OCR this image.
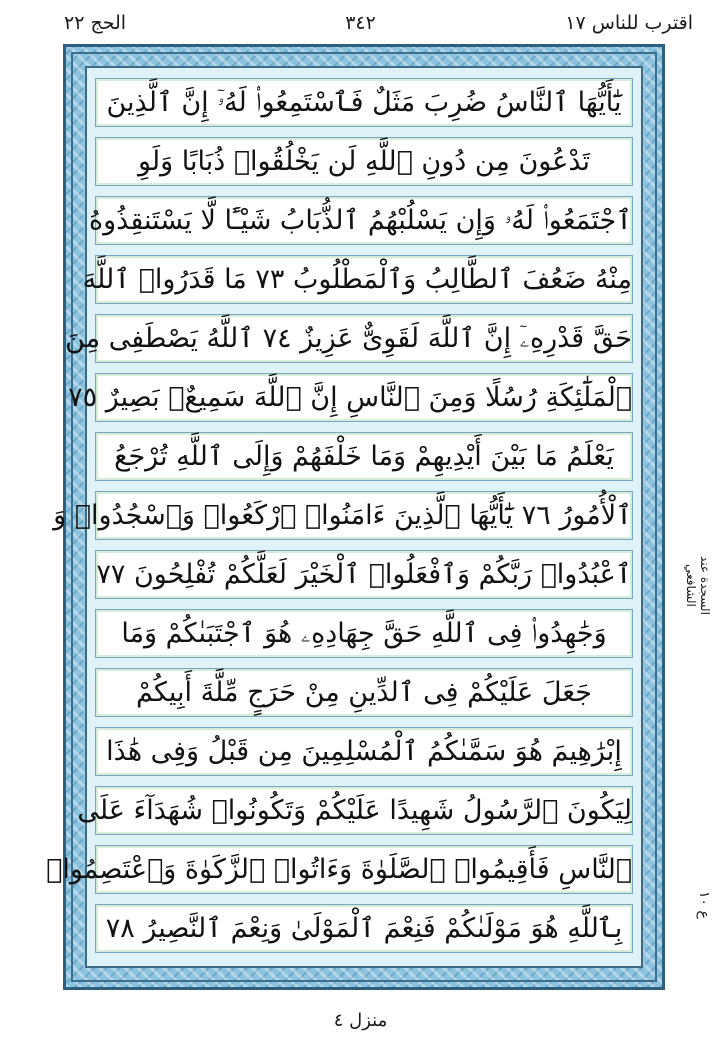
الحج ٢٢	٣٤٢	اقترب للناس ١٧
يَٰٓأَيُّهَا ٱلنَّاسُ ضُرِبَ مَثَلٌ فَٱسْتَمِعُوا۟ لَهُۥٓ إِنَّ ٱلَّذِينَ
تَدْعُونَ مِن دُونِ ٱللَّهِ لَن يَخْلُقُوا۟ ذُبَابًا وَلَوِ
ٱجْتَمَعُوا۟ لَهُۥ وَإِن يَسْلُبْهُمُ ٱلذُّبَابُ شَيْـًٔا لَّا يَسْتَنقِذُوهُ
مِنْهُ ضَعُفَ ٱلطَّالِبُ وَٱلْمَطْلُوبُ ٧٣ مَا قَدَرُوا۟ ٱللَّهَ
حَقَّ قَدْرِهِۦٓ إِنَّ ٱللَّهَ لَقَوِىٌّ عَزِيزٌ ٧٤ ٱللَّهُ يَصْطَفِى مِنَ
ٱلْمَلَٰٓئِكَةِ رُسُلًا وَمِنَ ٱلنَّاسِ إِنَّ ٱللَّهَ سَمِيعٌۢ بَصِيرٌ ٧٥
يَعْلَمُ مَا بَيْنَ أَيْدِيهِمْ وَمَا خَلْفَهُمْ وَإِلَى ٱللَّهِ تُرْجَعُ
ٱلْأُمُورُ ٧٦ يَٰٓأَيُّهَا ٱلَّذِينَ ءَامَنُوا۟ ٱرْكَعُوا۟ وَٱسْجُدُوا۟ وَ
ٱعْبُدُوا۟ رَبَّكُمْ وَٱفْعَلُوا۟ ٱلْخَيْرَ لَعَلَّكُمْ تُفْلِحُونَ ٧٧
وَجَٰهِدُوا۟ فِى ٱللَّهِ حَقَّ جِهَادِهِۦ هُوَ ٱجْتَبَىٰكُمْ وَمَا
جَعَلَ عَلَيْكُمْ فِى ٱلدِّينِ مِنْ حَرَجٍ مِّلَّةَ أَبِيكُمْ
إِبْرَٰهِيمَ هُوَ سَمَّىٰكُمُ ٱلْمُسْلِمِينَ مِن قَبْلُ وَفِى هَٰذَا
لِيَكُونَ ٱلرَّسُولُ شَهِيدًا عَلَيْكُمْ وَتَكُونُوا۟ شُهَدَآءَ عَلَى
ٱلنَّاسِ فَأَقِيمُوا۟ ٱلصَّلَوٰةَ وَءَاتُوا۟ ٱلزَّكَوٰةَ وَٱعْتَصِمُوا۟
بِٱللَّهِ هُوَ مَوْلَىٰكُمْ فَنِعْمَ ٱلْمَوْلَىٰ وَنِعْمَ ٱلنَّصِيرُ ٧٨
السجدة عند الشافعي
ع ١٠
منزل ٤
